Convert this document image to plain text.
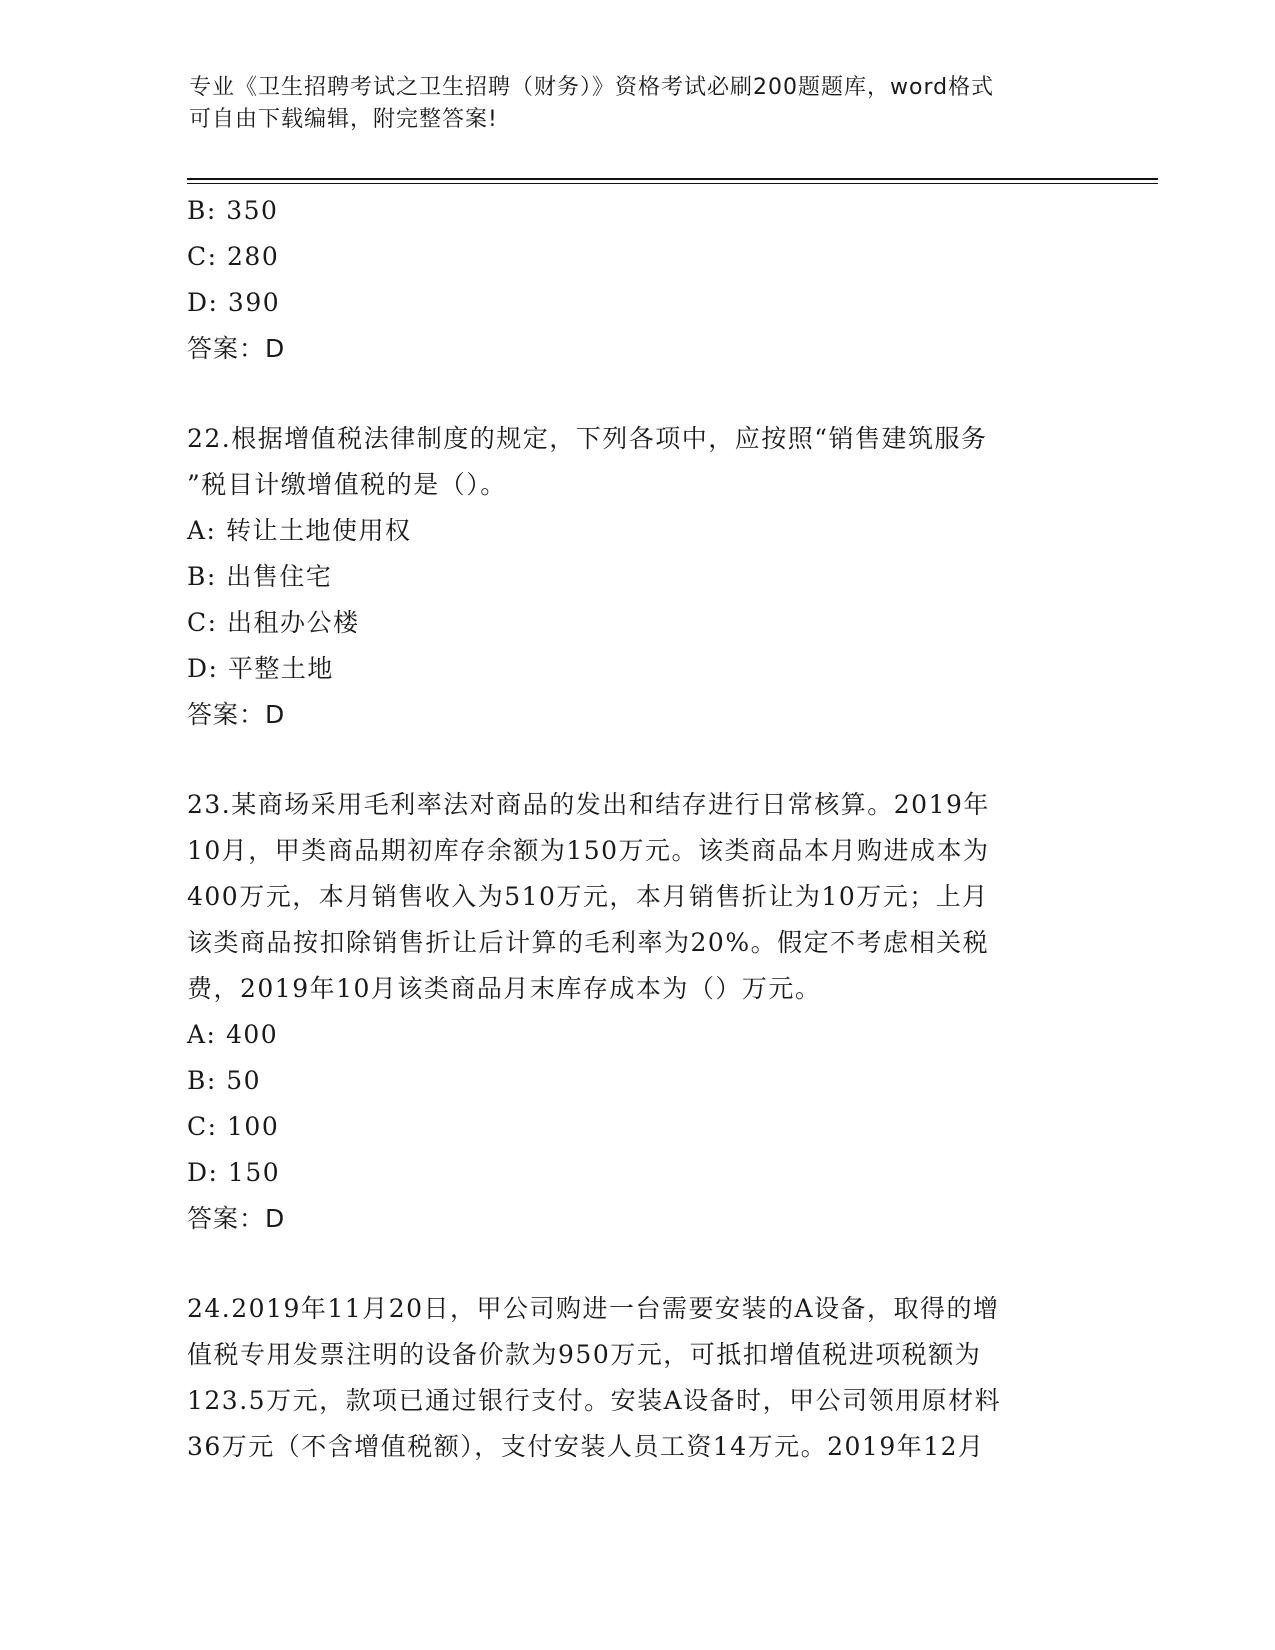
专业《卫生招聘考试之卫生招聘（财务）》资格考试必刷200题题库，word格式
可自由下载编辑，附完整答案!
B: 350
C: 280
D: 390
答案：D
22.根据增值税法律制度的规定，下列各项中，应按照“销售建筑服务
”税目计缴增值税的是（）。
A: 转让土地使用权
B: 出售住宅
C: 出租办公楼
D: 平整土地
答案：D
23.某商场采用毛利率法对商品的发出和结存进行日常核算。2019年
10月，甲类商品期初库存余额为150万元。该类商品本月购进成本为
400万元，本月销售收入为510万元，本月销售折让为10万元；上月
该类商品按扣除销售折让后计算的毛利率为20%。假定不考虑相关税
费，2019年10月该类商品月末库存成本为（）万元。
A: 400
B: 50
C: 100
D: 150
答案：D
24.2019年11月20日，甲公司购进一台需要安装的A设备，取得的增
值税专用发票注明的设备价款为950万元，可抵扣增值税进项税额为
123.5万元，款项已通过银行支付。安装A设备时，甲公司领用原材料
36万元（不含增值税额），支付安装人员工资14万元。2019年12月
